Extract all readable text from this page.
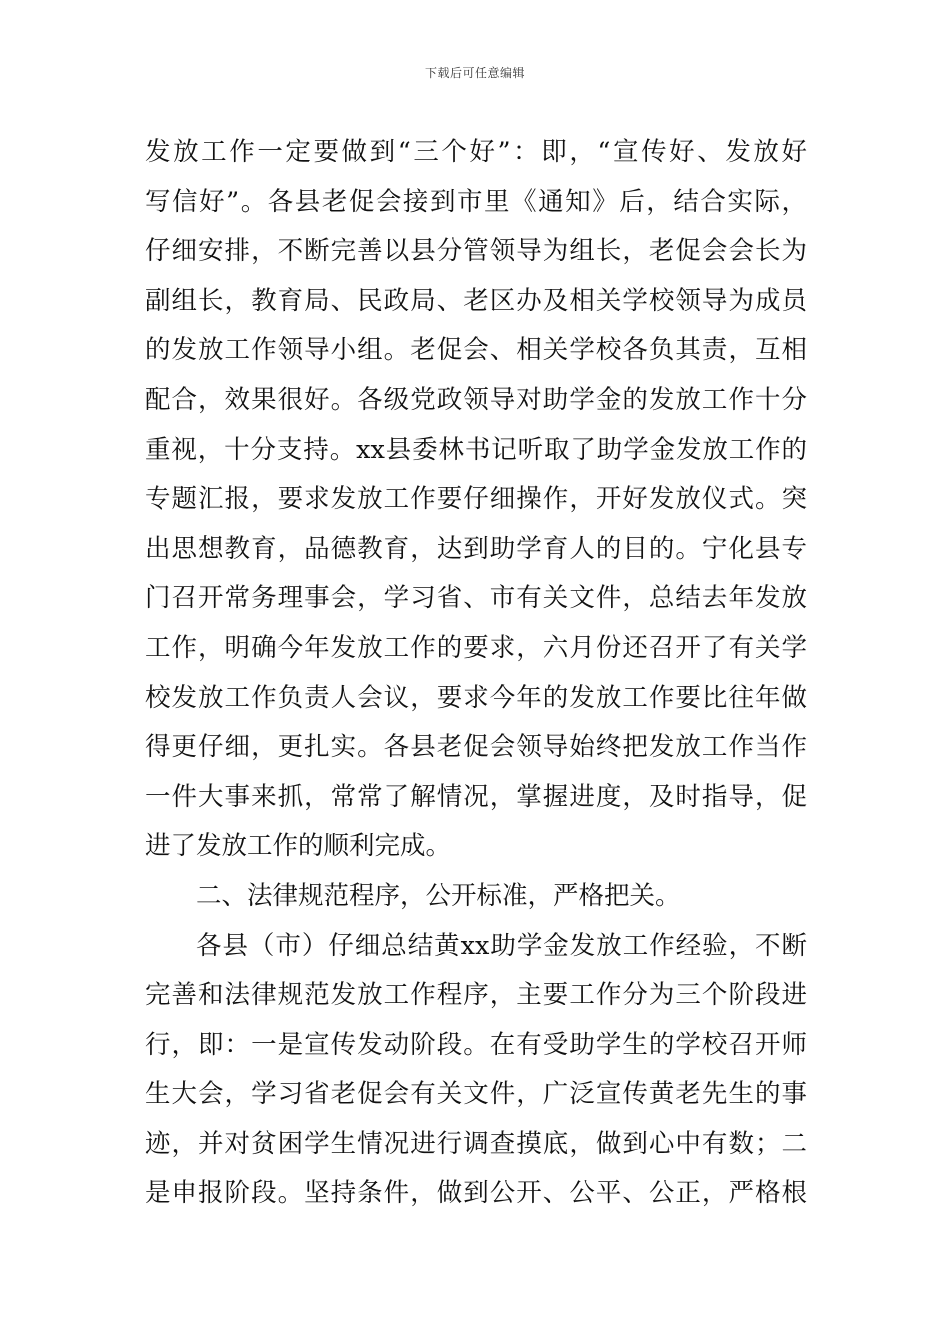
下载后可任意编辑

发放工作一定要做到“三个好”：即，“宣传好、发放好
写信好”。各县老促会接到市里《通知》后，结合实际，
仔细安排，不断完善以县分管领导为组长，老促会会长为
副组长，教育局、民政局、老区办及相关学校领导为成员
的发放工作领导小组。老促会、相关学校各负其责，互相
配合，效果很好。各级党政领导对助学金的发放工作十分
重视，十分支持。xx县委林书记听取了助学金发放工作的
专题汇报，要求发放工作要仔细操作，开好发放仪式。突
出思想教育，品德教育，达到助学育人的目的。宁化县专
门召开常务理事会，学习省、市有关文件，总结去年发放
工作，明确今年发放工作的要求，六月份还召开了有关学
校发放工作负责人会议，要求今年的发放工作要比往年做
得更仔细，更扎实。各县老促会领导始终把发放工作当作
一件大事来抓，常常了解情况，掌握进度，及时指导，促
进了发放工作的顺利完成。

二、法律规范程序，公开标准，严格把关。

各县（市）仔细总结黄xx助学金发放工作经验，不断
完善和法律规范发放工作程序，主要工作分为三个阶段进
行，即：一是宣传发动阶段。在有受助学生的学校召开师
生大会，学习省老促会有关文件，广泛宣传黄老先生的事
迹，并对贫困学生情况进行调查摸底，做到心中有数；二
是申报阶段。坚持条件，做到公开、公平、公正，严格根
